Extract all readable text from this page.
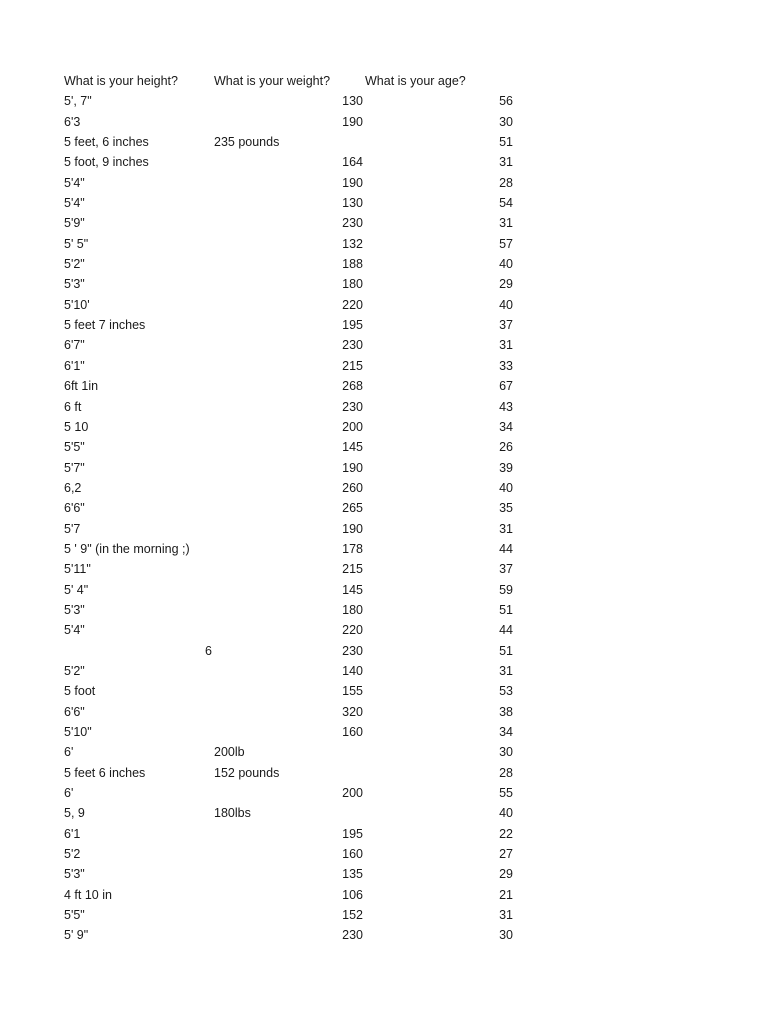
What is your height?	What is your weight?	What is your age?
5', 7"	130	56
6'3	190	30
5 feet, 6 inches	235 pounds	51
5 foot, 9 inches	164	31
5'4"	190	28
5'4"	130	54
5'9"	230	31
5' 5"	132	57
5'2"	188	40
5'3"	180	29
5'10'	220	40
5 feet 7 inches	195	37
6'7"	230	31
6'1"	215	33
6ft 1in	268	67
6 ft	230	43
5 10	200	34
5'5"	145	26
5'7"	190	39
6,2	260	40
6'6"	265	35
5'7	190	31
5 ' 9" (in the morning ;)	178	44
5'11"	215	37
5' 4"	145	59
5'3"	180	51
5'4"	220	44
6	230	51
5'2"	140	31
5 foot	155	53
6'6"	320	38
5'10"	160	34
6'	200lb	30
5 feet 6 inches	152 pounds	28
6'	200	55
5, 9	180lbs	40
6'1	195	22
5'2	160	27
5'3"	135	29
4 ft 10 in	106	21
5'5"	152	31
5' 9"	230	30
